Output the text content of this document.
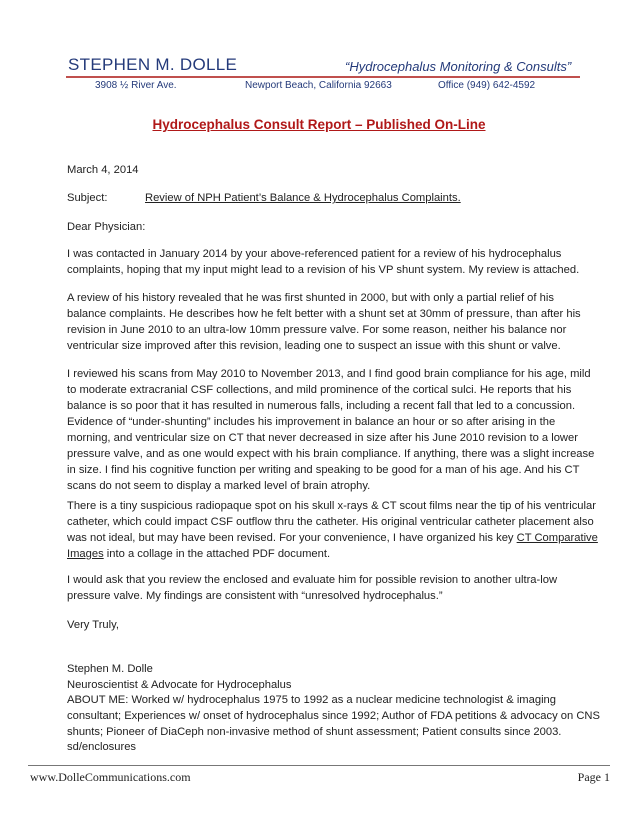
STEPHEN M. DOLLE	“Hydrocephalus Monitoring & Consults”
3908 ½ River Ave.	Newport Beach, California 92663	Office (949) 642-4592
Hydrocephalus Consult Report – Published On-Line

March 4, 2014

Subject:	Review of NPH Patient’s Balance & Hydrocephalus Complaints.

Dear Physician:

I was contacted in January 2014 by your above-referenced patient for a review of his hydrocephalus

complaints, hoping that my input might lead to a revision of his VP shunt system. My review is attached.

A review of his history revealed that he was first shunted in 2000, but with only a partial relief of his

balance complaints. He describes how he felt better with a shunt set at 30mm of pressure, than after his

revision in June 2010 to an ultra-low 10mm pressure valve. For some reason, neither his balance nor

ventricular size improved after this revision, leading one to suspect an issue with this shunt or valve.

I reviewed his scans from May 2010 to November 2013, and I find good brain compliance for his age, mild

to moderate extracranial CSF collections, and mild prominence of the cortical sulci. He reports that his

balance is so poor that it has resulted in numerous falls, including a recent fall that led to a concussion.

Evidence of “under-shunting” includes his improvement in balance an hour or so after arising in the

morning, and ventricular size on CT that never decreased in size after his June 2010 revision to a lower

pressure valve, and as one would expect with his brain compliance. If anything, there was a slight increase

in size. I find his cognitive function per writing and speaking to be good for a man of his age. And his CT

scans do not seem to display a marked level of brain atrophy.

There is a tiny suspicious radiopaque spot on his skull x-rays & CT scout films near the tip of his ventricular

catheter, which could impact CSF outflow thru the catheter. His original ventricular catheter placement also

was not ideal, but may have been revised. For your convenience, I have organized his key CT Comparative

Images into a collage in the attached PDF document.

I would ask that you review the enclosed and evaluate him for possible revision to another ultra-low

pressure valve. My findings are consistent with “unresolved hydrocephalus.”

Very Truly,

Stephen M. Dolle

Neuroscientist & Advocate for Hydrocephalus

ABOUT ME: Worked w/ hydrocephalus 1975 to 1992 as a nuclear medicine technologist & imaging

consultant; Experiences w/ onset of hydrocephalus since 1992; Author of FDA petitions & advocacy on CNS

shunts; Pioneer of DiaCeph non-invasive method of shunt assessment; Patient consults since 2003.

sd/enclosures

www.DolleCommunications.com	Page 1
